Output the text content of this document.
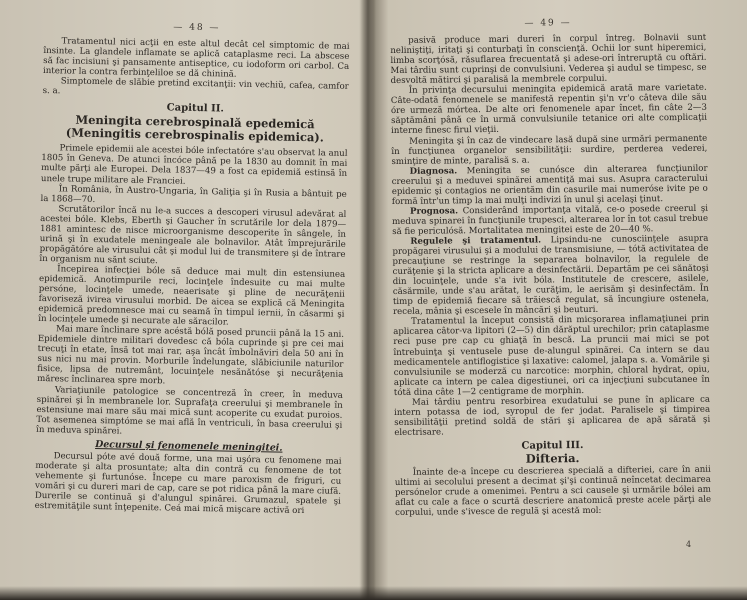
— 48 —

Tratamentul nici acţii en este altul decât cel simptomic de mai însinte. La glandele inflamate se aplică cataplasme reci. La abscese să fac incisiuni şi pansamente antiseptice, cu iodoform ori carbol. Ca interior la contra ferbinţeliloe se dă chinină.

Simptomele de slăbie pretind excitanţii: vin vechiŭ, cafea, camfor s. a.

Capitul II.
Meningita cerebrospinală epedemică (Meningitis cerebrospinalis epidemica).

Primele epidemii ale acestei bóle infectatóre s'au observat la anul 1805 în Geneva. De atunci încóce până pe la 1830 au domnit în mai multe părţi ale Europei. Dela 1837—49 a fost ca epidemiă estinsă în unele trupe militare ale Franciei.

În România, în Austro-Ungaria, în Galiţia şi în Rusia a bântuit pe la 1868—70.

Scrutătorilor încă nu le-a succes a descoperi virusul adevărat al acestei bóle. Klebs, Eberth şi Gaucher în scrutările lor dela 1879—1881 amintesc de nisce microorganisme descoperite în sângele, în urină şi în exudatele meningeale ale bolnavilor. Atât împrejurările propăgătóre ale virusului cât şi modul lui de transmitere şi de întrare în organism nu sănt sciute.

Începirea infecţiei bóle să deduce mai mult din estensiunea epidemică. Anotimpurile reci, locinţele îndesuite cu mai multe persóne, locinţele umede, neaerisate şi pline de necurăţenii favoriseză ivirea virusului morbid. De aicea se explică că Meningita epidemică predomnesce mai cu seamă în timpul iernii, în căsarmi şi în locinţele umede şi necurate ale săracilor.

Mai mare înclinare spre acéstă bólă posed pruncii până la 15 ani. Epidemiele dintre militari dovedesc că bóla cuprinde şi pre cei mai trecuţi în etate, însă tot mai rar, aşa încât îmbolnăviri dela 50 ani în sus nici nu mai provin. Morburile îndelungate, slăbiciunile naturilor fisice, lipsa de nutremânt, locuinţele nesănătóse şi necurăţenia măresc înclinarea spre morb.

Variaţiunile patologice se concentreză în creer, în meduva spinărei şi în membranele lor. Suprafaţa creerului şi membranele în estensiune mai mare său mai mică sunt acoperite cu exudat puroios. Tot asemenea simptóme se mai află în ventriculi, în basa creerului şi în meduva spinărei.

Decursul şi fenomenele meningitei.

Decursul póte avé două forme, una mai uşóra cu fenomene mai moderate şi alta prosuntate; alta din contră cu fenomene de tot vehemente şi furtunóse. Începe cu mare paroxism de friguri, cu vomări şi cu dureri mari de cap, care se pot ridica până la mare ciufă. Durerile se continuă şi d'alungul spinărei. Grumazul, spatele şi estremităţile sunt înţepenite. Ceá mai mică mişcare activă ori

— 49 —

pasivă produce mari dureri în corpul întreg. Bolnavii sunt neliniştiţi, iritaţi şi conturbaţi în conscienţă. Ochii lor sunt hiperemici, limba scorţósă, răsuflarea frecuentată şi adese-ori întreruptă cu oftări. Mai târdiu sunt cuprinşi de convulsiuni. Vederea şi audul se timpesc, se desvoltă mătirci şi paralisă la membrele corpului.

În privinţa decursului meningita epidemică arată mare varietate. Câte-odată fenomenele se manifestă repentin şi'n vr'o câteva dile său óre urmeză mórtea. De alte ori fenomenele apar încet, fin câte 2—3 săptămâni până ce în urmă convulsiunile tetanice ori alte complicaţii interne finesc firul vieţii.

Meningita şi în caz de vindecare lasă după sine urmări permanente în funcţiunea organelor sensibilităţii: surdire, perderea vederei, sminţire de minte, paralisă s. a.

Diagnosa. Meningita se cunósce din alterarea funcţiunilor creerului şi a meduvei spinărei amentiţă mai sus. Asupra caracterului epidemic şi contagios ne orientăm din casurile mai numeróse ivite pe o formă într'un timp la mai mulţi indivizi în unul şi acelaşi ţinut.

Prognosa. Considerând importanţa vitală, ce-o posede creerul şi meduva spinarei în funcţiunile trupesci, alterarea lor în tot casul trebue să fie periculósă. Mortalitatea meningitei este de 20—40 %.

Regulele şi tratamentul. Lipsindu-ne cunosciinţele asupra propăgarei virusului şi a modului de transmisiune, — tótă activitatea de precauţiune se restringe la separarea bolnavilor, la regulele de curăţenie şi la stricta aplicare a desinfectării. Departăm pe cei sănătoşi din locuinţele, unde s'a ivit bóla. Institutele de crescere, asilele, căsărmile, unde s'au arătat, le curăţim, le aerisăm şi desinfectăm. În timp de epidemiă fiecare să trăiescă regulat, să încungiure osteneła, recela, mânia şi escesele în mâncări şi beuturi.

Tratamentul la început consistă din micşorarea inflamaţiunei prin aplicarea câtor-va lipitori (2—5) din dărăptul urechilor; prin cataplasme reci puse pre cap cu ghiaţă în bescă. La pruncii mai mici se pot întrebuinţa şi ventusele puse de-alungul spinărei. Ca intern se dau medicamentele antiflogistice şi laxative: calomel, jalapa s. a. Vomările şi convulsiunile se moderză cu narcotice: morphin, chloral hydrat, opiu, aplicate ca intern pe calea digestiunei, ori ca injecţiuni subcutanee în tótă dina câte 1—2 centigrame de morphin.

Mai târdiu pentru resorbirea exudatului se pune în aplicare ca intern potassa de iod, syropul de fer jodat. Paralisele şi timpirea sensibilităţii pretind soldă de stări şi aplicarea de apă sărată şi electrisare.

Capitul III.
Difteria.

Înainte de-a începe cu descrierea specială a difteriei, care în anii ultimi ai secolului present a decimat şi'şi continuă neîncetat decimarea persónelor crude a omenimei. Pentru a sci causele şi urmările bólei am aflat cu cale a face o scurtă descriere anatomică preste acele părţi ale corpului, unde s'ivesce de regulă şi acestă mol:

4
